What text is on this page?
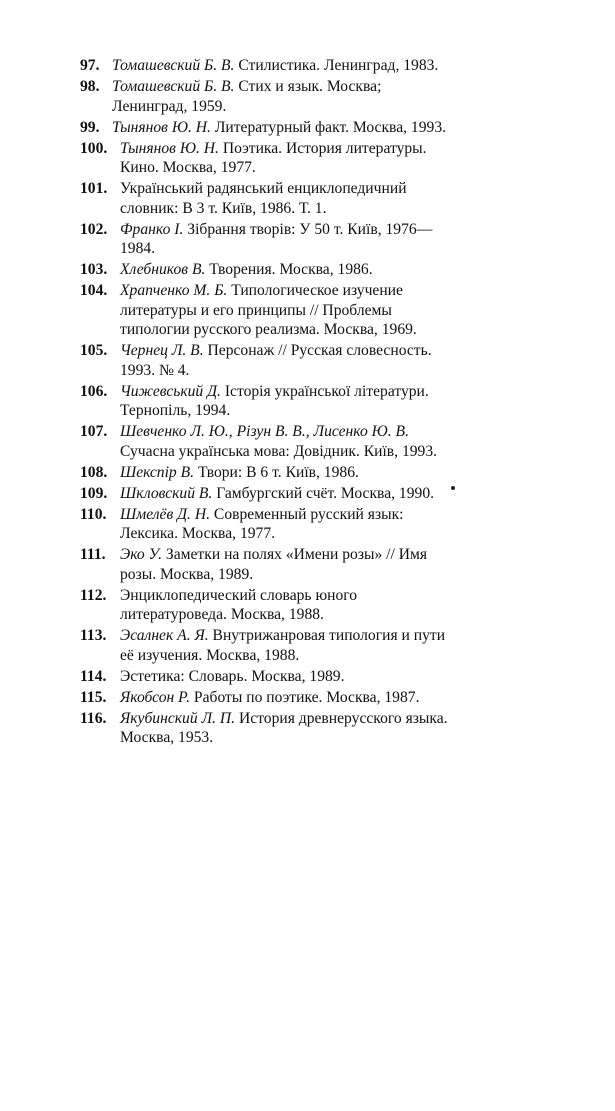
97. Томашевский Б. В. Стилистика. Ленинград, 1983.
98. Томашевский Б. В. Стих и язык. Москва; Ленинград, 1959.
99. Тынянов Ю. Н. Литературный факт. Москва, 1993.
100. Тынянов Ю. Н. Поэтика. История литературы. Кино. Москва, 1977.
101. Український радянський енциклопедичний словник: В 3 т. Київ, 1986. Т. 1.
102. Франко І. Зібрання творів: У 50 т. Київ, 1976—1984.
103. Хлебников В. Творения. Москва, 1986.
104. Храпченко М. Б. Типологическое изучение литературы и его принципы // Проблемы типологии русского реализма. Москва, 1969.
105. Чернец Л. В. Персонаж // Русская словесность. 1993. № 4.
106. Чижевський Д. Історія української літератури. Тернопіль, 1994.
107. Шевченко Л. Ю., Різун В. В., Лисенко Ю. В. Сучасна українська мова: Довідник. Київ, 1993.
108. Шекспір В. Твори: В 6 т. Київ, 1986.
109. Шкловский В. Гамбургский счёт. Москва, 1990.
110. Шмелёв Д. Н. Современный русский язык: Лексика. Москва, 1977.
111. Эко У. Заметки на полях «Имени розы» // Имя розы. Москва, 1989.
112. Энциклопедический словарь юного литературоведа. Москва, 1988.
113. Эсалнек А. Я. Внутрижанровая типология и пути её изучения. Москва, 1988.
114. Эстетика: Словарь. Москва, 1989.
115. Якобсон Р. Работы по поэтике. Москва, 1987.
116. Якубинский Л. П. История древнерусского языка. Москва, 1953.
